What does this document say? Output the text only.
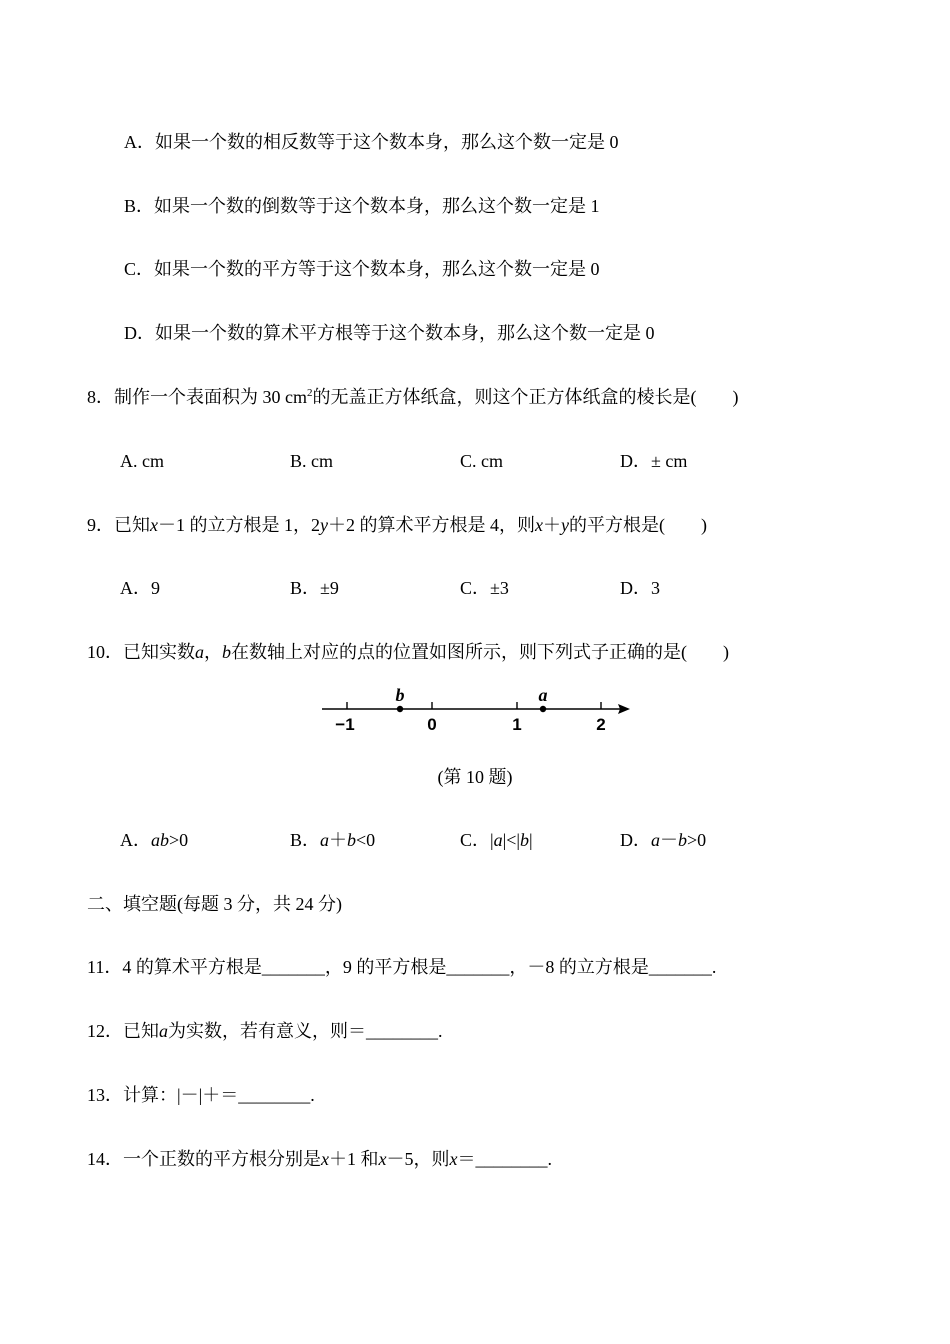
A．如果一个数的相反数等于这个数本身，那么这个数一定是 0
B．如果一个数的倒数等于这个数本身，那么这个数一定是 1
C．如果一个数的平方等于这个数本身，那么这个数一定是 0
D．如果一个数的算术平方根等于这个数本身，那么这个数一定是 0
8．制作一个表面积为 30 $cm^2$的无盖正方体纸盒，则这个正方体纸盒的棱长是(　　)
A. cm	B. cm	C. cm	D．± cm
9．已知x－1 的立方根是 1，2y＋2 的算术平方根是 4，则x＋y的平方根是(　　)
A．9	B．±9	C．±3	D．3
10．已知实数a，b在数轴上对应的点的位置如图所示，则下列式子正确的是(　　)
b	a
−1	0	1	2
(第 10 题)
A．ab>0	B．a＋b<0	C．|a|<|b|	D．a－b>0
二、填空题(每题 3 分，共 24 分)
11．4 的算术平方根是_______，9 的平方根是_______，－8 的立方根是_______.
12．已知a为实数，若有意义，则＝________.
13．计算：|－|＋＝________.
14．一个正数的平方根分别是x＋1 和x－5，则x＝________.
